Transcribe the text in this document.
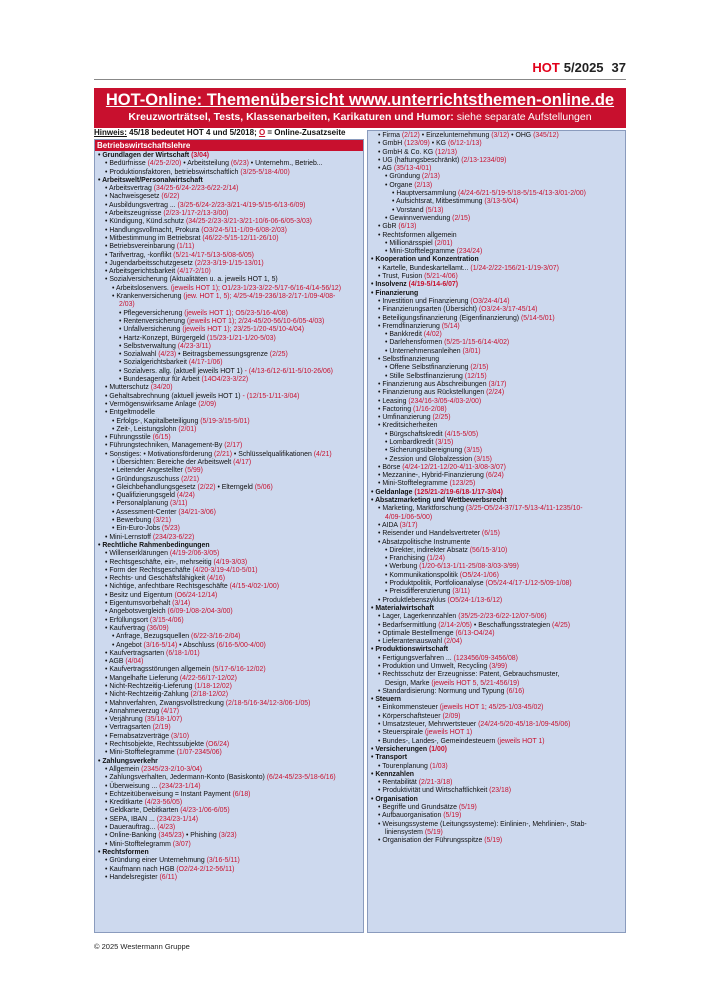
HOT 5/2025 37
HOT-Online: Themenübersicht www.unterrichtsthemen-online.de
Kreuzworträtsel, Tests, Klassenarbeiten, Karikaturen und Humor: siehe separate Aufstellungen
Hinweis: 45/18 bedeutet HOT 4 und 5/2018; O = Online-Zusatzseite
Betriebswirtschaftslehre
• Grundlagen der Wirtschaft (3/04)
• Bedürfnisse (4/25-2/20) • Arbeitsteilung (6/23) • Unternehm., Betrieb...
• Produktionsfaktoren, betriebswirtschaftlich (3/25-5/18-4/00)
• Arbeitswelt/Personalwirtschaft
• Arbeitsvertrag (34/25-6/24-2/23-6/22-2/14)
• Nachweisgesetz (6/22)
• Ausbildungsvertrag ... (3/25-6/24-2/23-3/21-4/19-5/15-6/13-6/09)
• Arbeitszeugnisse (2/23-1/17-2/13-3/00)
• Kündigung, Künd.schutz (34/25-2/23-3/21-3/21-10/6-06-6/05-3/03)
• Handlungsvollmacht, Prokura (O3/24-5/11-1/09-6/08-2/03)
• Mitbestimmung im Betriebsrat (46/22-5/15-12/11-26/10)
• Betriebsvereinbarung (1/11)
• Tarifvertrag, -konflikt (5/21-4/17-5/13-5/08-6/05)
• Jugendarbeitsschutzgesetz (2/23-3/19-1/15-13/01)
• Arbeitsgerichtsbarkeit (4/17-2/10)
• Sozialversicherung (Aktualitäten u. a. jeweils HOT 1, 5)
• Arbeitslosenvers. (jeweils HOT 1); O1/23-1/23-3/22-5/17-6/16-4/14-56/12)
• Krankenversicherung (jew. HOT 1, 5); 4/25-4/19-236/18-2/17-1/09-4/08-
2/03)
• Pflegeversicherung (jeweils HOT 1); O5/23-5/16-4/08)
• Rentenversicherung (jeweils HOT 1); 2/24-45/20-56/10-6/05-4/03)
• Unfallversicherung (jeweils HOT 1); 23/25-1/20-45/10-4/04)
• Hartz-Konzept, Bürgergeld (15/23-1/21-1/20-5/03)
• Selbstverwaltung (4/23-3/11)
• Sozialwahl (4/23) • Beitragsbemessungsgrenze (2/25)
• Sozialgerichtsbarkeit (4/17-1/06)
• Sozialvers. allg. (aktuell jeweils HOT 1) - (4/13-6/12-6/11-5/10-26/06)
• Bundesagentur für Arbeit (14O4/23-3/22)
• Mutterschutz (34/20)
• Gehaltsabrechnung (aktuell jeweils HOT 1) - (12/15-1/11-3/04)
• Vermögenswirksame Anlage (2/09)
• Entgeltmodelle
• Erfolgs-, Kapitalbeteiligung (5/19-3/15-5/01)
• Zeit-, Leistungslohn (2/01)
• Führungsstile (6/15)
• Führungstechniken, Management-By (2/17)
• Sonstiges: • Motivationsförderung (2/21) • Schlüsselqualifikationen (4/21)
• Übersichten: Bereiche der Arbeitswelt (4/17)
• Leitender Angestellter (5/99)
• Gründungszuschuss (2/21)
• Gleichbehandlungsgesetz (2/22) • Elterngeld (5/06)
• Qualifizierungsgeld (4/24)
• Personalplanung (3/11)
• Assessment-Center (34/21-3/06)
• Bewerbung (3/21)
• Ein-Euro-Jobs (5/23)
• Mini-Lernstoff (234/23-6/22)
• Rechtliche Rahmenbedingungen
• Willenserklärungen (4/19-2/06-3/05)
• Rechtsgeschäfte, ein-, mehrseitig (4/19-3/03)
• Form der Rechtsgeschäfte (4/20-3/19-4/10-5/01)
• Rechts- und Geschäftsfähigkeit (4/16)
• Nichtige, anfechtbare Rechtsgeschäfte (4/15-4/02-1/00)
• Besitz und Eigentum (O6/24-12/14)
• Eigentumsvorbehalt (3/14)
• Angebotsvergleich (6/09-1/08-2/04-3/00)
• Erfüllungsort (3/15-4/06)
• Kaufvertrag (36/09)
• Anfrage, Bezugsquellen (6/22-3/16-2/04)
• Angebot (3/16-5/14) • Abschluss (6/16-5/00-4/00)
• Kaufvertragsarten (6/18-1/01)
• AGB (4/04)
• Kaufvertragsstörungen allgemein (5/17-6/16-12/02)
• Mangelhafte Lieferung (4/22-56/17-12/02)
• Nicht-Rechtzeitig-Lieferung (1/18-12/02)
• Nicht-Rechtzeitig-Zahlung (2/18-12/02)
• Mahnverfahren, Zwangsvollstreckung (2/18-5/16-34/12-3/06-1/05)
• Annahmeverzug (4/17)
• Verjährung (35/18-1/07)
• Vertragsarten (2/19)
• Fernabsatzverträge (3/10)
• Rechtsobjekte, Rechtssubjekte (O6/24)
• Mini-Stofftelegramme (1/07-2345/06)
• Zahlungsverkehr
• Allgemein (2345/23-2/10-3/04)
• Zahlungsverhalten, Jedermann-Konto (Basiskonto) (6/24-45/23-5/18-6/16)
• Überweisung ... (234/23-1/14)
• Echtzeitüberweisung = Instant Payment (6/18)
• Kreditkarte (4/23-56/05)
• Geldkarte, Debitkarten (4/23-1/06-6/05)
• SEPA, IBAN ... (234/23-1/14)
• Dauerauftrag... (4/23)
• Online-Banking (345/23) • Phishing (3/23)
• Mini-Stofftelegramm (3/07)
• Rechtsformen
• Gründung einer Unternehmung (3/16-5/11)
• Kaufmann nach HGB (O2/24-2/12-56/11)
• Handelsregister (6/11)
• Firma (2/12) • Einzelunternehmung (3/12) • OHG (345/12)
• GmbH (123/09) • KG (6/12-1/13)
• GmbH & Co. KG (12/13)
• UG (haftungsbeschränkt) (2/13-1234/09)
• AG (35/13-4/01)
• Gründung (2/13)
• Organe (2/13)
• Hauptversammlung (4/24-6/21-5/19-5/18-5/15-4/13-3/01-2/00)
• Aufsichtsrat, Mitbestimmung (3/13-5/04)
• Vorstand (5/13)
• Gewinnverwendung (2/15)
• GbR (6/13)
• Rechtsformen allgemein
• Millionärsspiel (2/01)
• Mini-Stofftelegramme (234/24)
• Kooperation und Konzentration
• Kartelle, Bundeskartellamt... (1/24-2/22-156/21-1/19-3/07)
• Trust, Fusion (5/21-4/06)
• Insolvenz (4/19-5/14-6/07)
• Finanzierung
• Investition und Finanzierung (O3/24-4/14)
• Finanzierungsarten (Übersicht) (O3/24-3/17-45/14)
• Beteiligungsfinanzierung (Eigenfinanzierung) (5/14-5/01)
• Fremdfinanzierung (5/14)
• Bankkredit (4/02)
• Darlehensformen (5/25-1/15-6/14-4/02)
• Unternehmensanleihen (3/01)
• Selbstfinanzierung
• Offene Selbstfinanzierung (2/15)
• Stille Selbstfinanzierung (12/15)
• Finanzierung aus Abschreibungen (3/17)
• Finanzierung aus Rückstellungen (2/24)
• Leasing (234/16-3/05-4/03-2/00)
• Factoring (1/16-2/08)
• Umfinanzierung (2/25)
• Kreditsicherheiten
• Bürgschaftskredit (4/15-5/05)
• Lombardkredit (3/15)
• Sicherungsübereignung (3/15)
• Zession und Globalzession (3/15)
• Börse (4/24-12/21-12/20-4/11-3/08-3/07)
• Mezzanine-, Hybrid-Finanzierung (6/24)
• Mini-Stofftelegramme (123/25)
• Geldanlage (125/21-2/19-6/18-1/17-3/04)
• Absatzmarketing und Wettbewerbsrecht
• Marketing, Marktforschung (3/25-O5/24-37/17-5/13-4/11-1235/10-
4/09-1/06-5/00)
• AIDA (3/17)
• Reisender und Handelsvertreter (6/15)
• Absatzpolitische Instrumente
• Direkter, indirekter Absatz (56/15-3/10)
• Franchising (1/24)
• Werbung (1/20-6/13-1/11-25/08-3/03-3/99)
• Kommunikationspolitik (O5/24-1/06)
• Produktpolitik, Portfolioanalyse (O5/24-4/17-1/12-5/09-1/08)
• Preisdifferenzierung (3/11)
• Produktlebenszyklus (O5/24-1/13-6/12)
• Materialwirtschaft
• Lager, Lagerkennzahlen (35/25-2/23-6/22-12/07-5/06)
• Bedarfsermittlung (2/14-2/05) • Beschaffungsstrategien (4/25)
• Optimale Bestellmenge (6/13-O4/24)
• Lieferantenauswahl (2/04)
• Produktionswirtschaft
• Fertigungsverfahren ... (123456/09-3456/08)
• Produktion und Umwelt, Recycling (3/99)
• Rechtsschutz der Erzeugnisse: Patent, Gebrauchsmuster,
Design, Marke (jeweils HOT 5, 5/21-456/19)
• Standardisierung: Normung und Typung (6/16)
• Steuern
• Einkommensteuer (jeweils HOT 1; 45/25-1/03-45/02)
• Körperschaftsteuer (2/09)
• Umsatzsteuer, Mehrwertsteuer (24/24-5/20-45/18-1/09-45/06)
• Steuerspirale (jeweils HOT 1)
• Bundes-, Landes-, Gemeindesteuern (jeweils HOT 1)
• Versicherungen (1/00)
• Transport
• Tourenplanung (1/03)
• Kennzahlen
• Rentabilität (2/21-3/18)
• Produktivität und Wirtschaftlichkeit (23/18)
• Organisation
• Begriffe und Grundsätze (5/19)
• Aufbauorganisation (5/19)
• Weisungssysteme (Leitungssysteme): Einlinien-, Mehrlinien-, Stab-
liniensystem (5/19)
• Organisation der Führungsspitze (5/19)
© 2025 Westermann Gruppe
